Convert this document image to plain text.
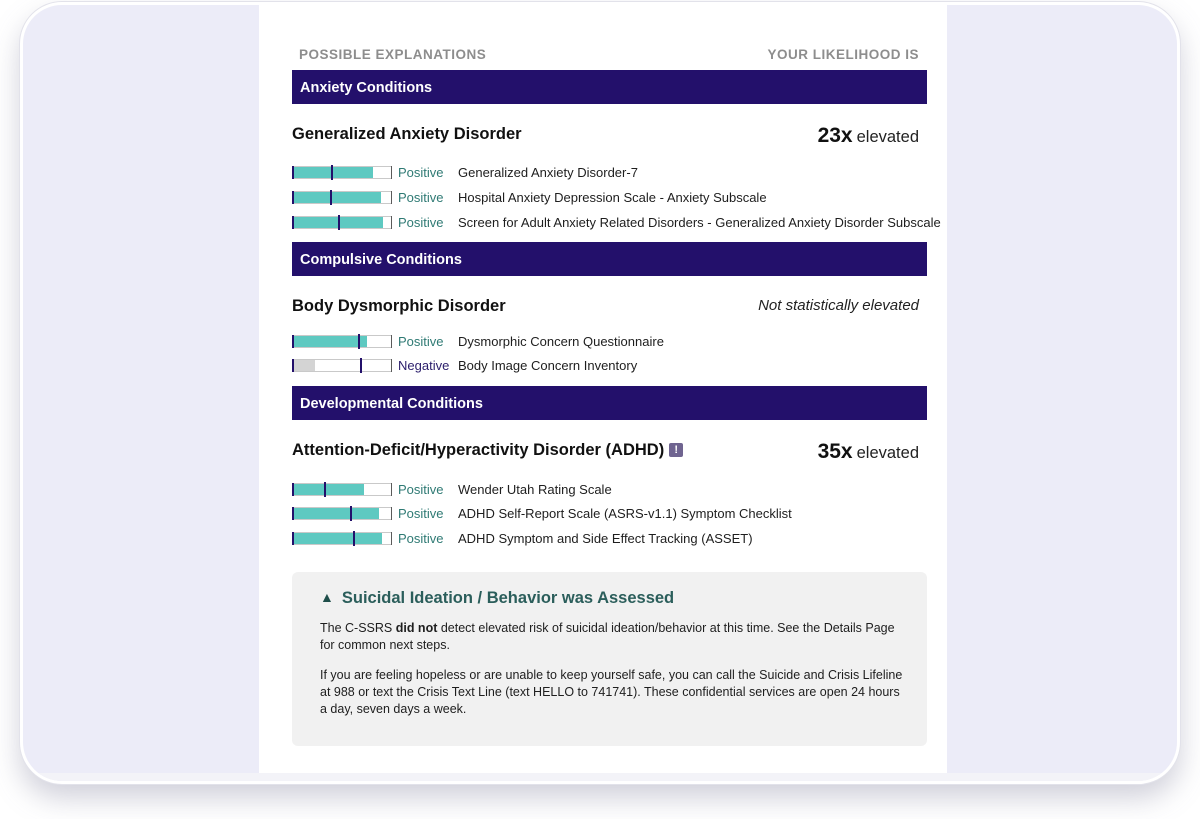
POSSIBLE EXPLANATIONS	YOUR LIKELIHOOD IS
Anxiety Conditions
Generalized Anxiety Disorder	23x elevated
Positive Generalized Anxiety Disorder-7
Positive Hospital Anxiety Depression Scale - Anxiety Subscale
Positive Screen for Adult Anxiety Related Disorders - Generalized Anxiety Disorder Subscale
Compulsive Conditions
Body Dysmorphic Disorder	Not statistically elevated
Positive Dysmorphic Concern Questionnaire
Negative Body Image Concern Inventory
Developmental Conditions
Attention-Deficit/Hyperactivity Disorder (ADHD) !	35x elevated
Positive Wender Utah Rating Scale
Positive ADHD Self-Report Scale (ASRS-v1.1) Symptom Checklist
Positive ADHD Symptom and Side Effect Tracking (ASSET)
▲ Suicidal Ideation / Behavior was Assessed

The C-SSRS did not detect elevated risk of suicidal ideation/behavior at this time. See the Details Page for common next steps.

If you are feeling hopeless or are unable to keep yourself safe, you can call the Suicide and Crisis Lifeline at 988 or text the Crisis Text Line (text HELLO to 741741). These confidential services are open 24 hours a day, seven days a week.
